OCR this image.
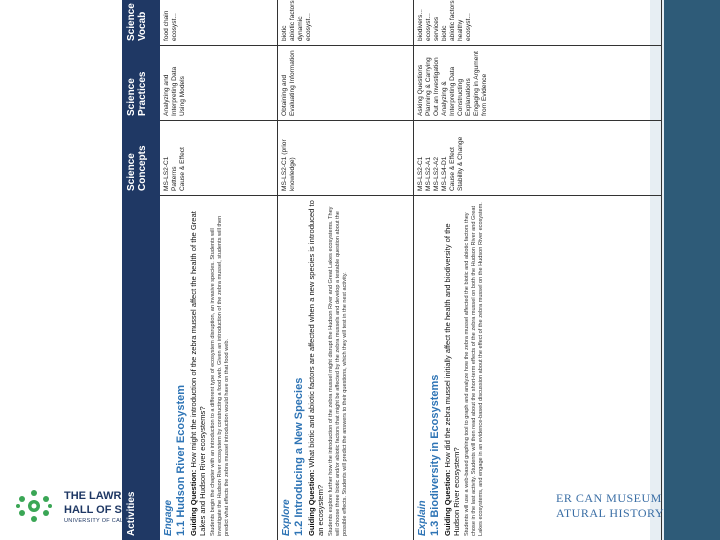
Activities
Science Concepts
Science Practices
Science Vocab
Engage 1.1 Hudson River Ecosystem Guiding Question: How might the introduction of the zebra mussel affect the health of the Great Lakes and Hudson River ecosystems? Students begin the chapter with an introduction to a different type of ecosystem disruption, an invasive species. Students will investigate the Hudson River ecosystem by constructing a food web. Given an introduction of the zebra mussel, students will then predict what effects the zebra mussel introduction would have on that food web.
MS-LS2-C1 Patterns Cause & Effect
Analyzing and Interpreting Data Using Models
food chain ecosyst...
Explore 1.2 Introducing a New Species Guiding Question: What biotic and abiotic factors are affected when a new species is introduced to an ecosystem? Students explore further how the introduction of the zebra mussel might disrupt the Hudson River and Great Lakes ecosystems. They will choose three biotic and/or abiotic factors that might be affected by the zebra mussels and develop a testable question about the possible effects. Students will predict the answers to their questions, which they will test in the next activity.
MS-LS2-C1 (prior knowledge)
Obtaining and Evaluating Information
biotic abiotic factors dynamic ecosyst...
Explain 1.3 Biodiversity in Ecosystems Guiding Question: How did the zebra mussel initially affect the health and biodiversity of the Hudson River ecosystem? Students will use a web-based graphing tool to graph and analyze how the zebra mussel affected the biotic and abiotic factors they chose in the last activity. Students will then read about the short-term effects of the zebra mussel on both the Hudson River and Great Lakes ecosystems, and engage in an evidence-based discussion about the effect of the zebra mussel on the Hudson River ecosystem.
MS-LS2-C1 MS-LS2-A1 MS-LS2-A2 MS-LS4-D1 Cause & Effect Stability & Change
Asking Questions Planning & Carrying Out an Investigation Analyzing & Interpreting Data Constructing Explanations Engaging in Argument from Evidence
biodivers... ecosyst... services biotic abiotic factors healthy ecosyst...
THE LAWR
HALL OF S
UNIVERSITY OF CALIF
ER CAN MUSEUM
ATURAL HISTORY
